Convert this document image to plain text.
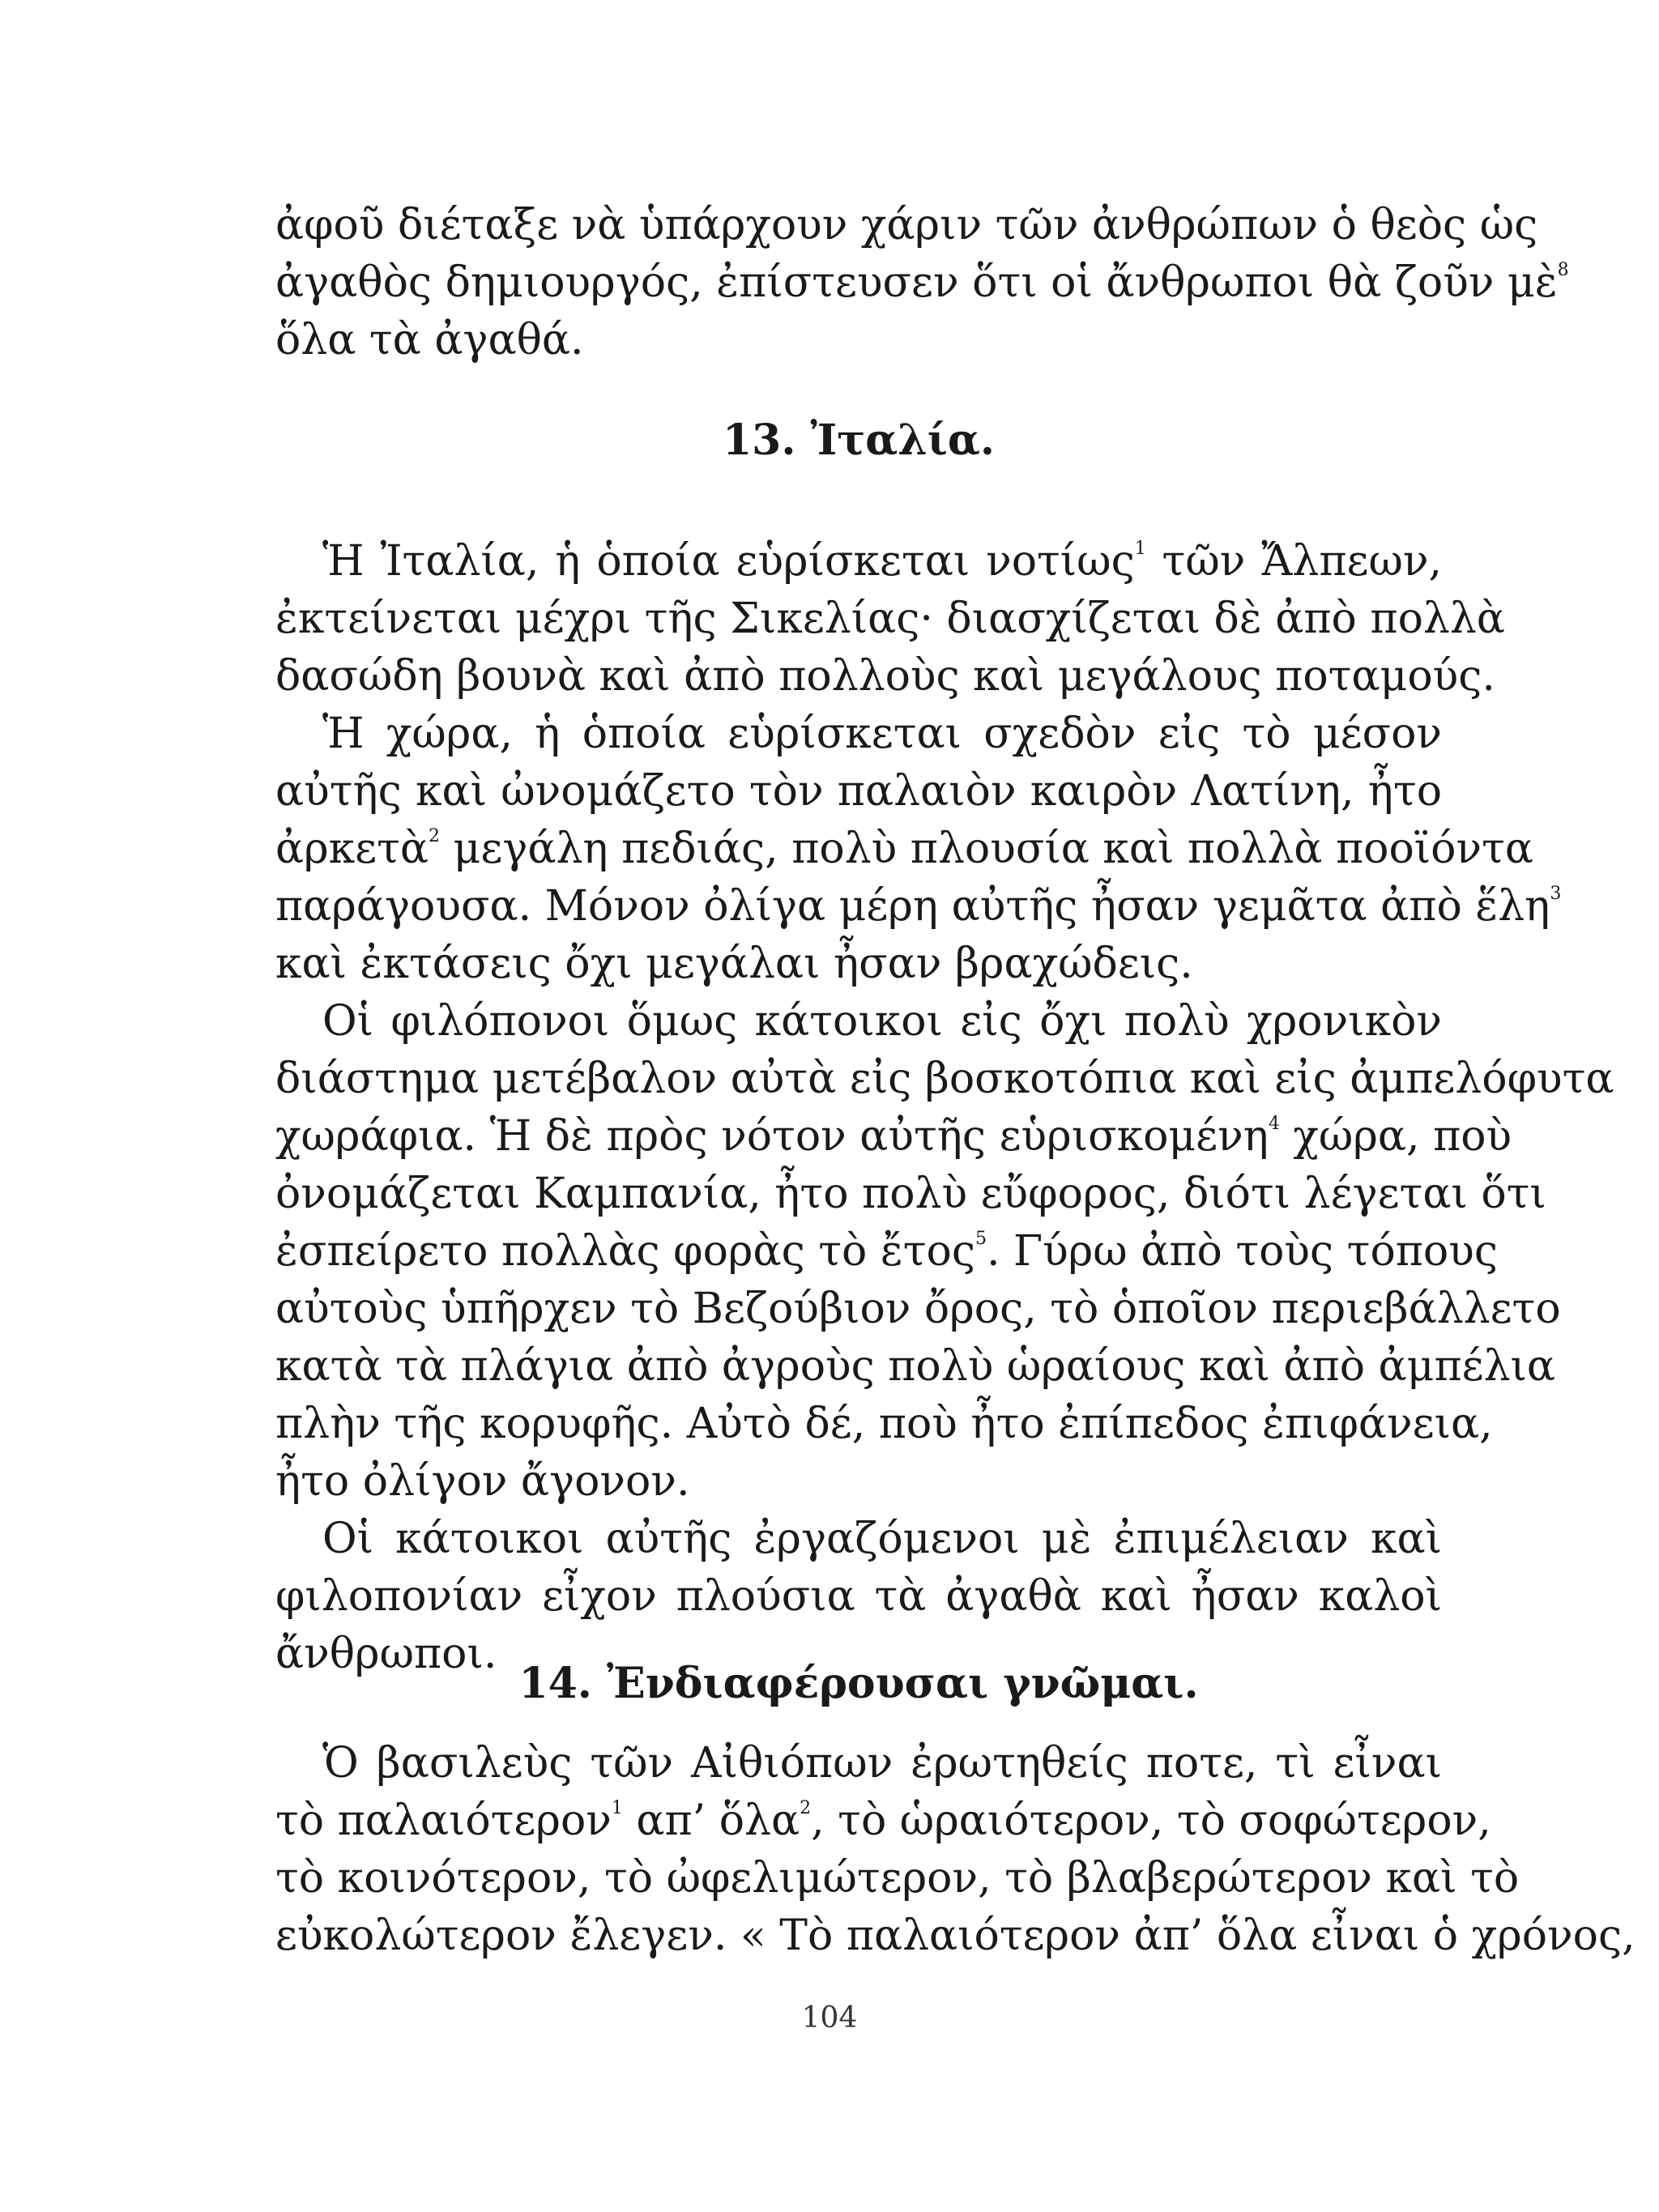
ἀφοῦ διέταξε νὰ ὑπάρχουν χάριν τῶν ἀνθρώπων ὁ θεὸς ὡς
ἀγαθὸς δημιουργός, ἐπίστευσεν ὅτι οἱ ἄνθρωποι θὰ ζοῦν μὲ$^8$
ὅλα τὰ ἀγαθά.
13. Ἰταλία.
Ἡ Ἰταλία, ἡ ὁποία εὑρίσκεται νοτίως$^1$ τῶν Ἄλπεων,
ἐκτείνεται μέχρι τῆς Σικελίας· διασχίζεται δὲ ἀπὸ πολλὰ
δασώδη βουνὰ καὶ ἀπὸ πολλοὺς καὶ μεγάλους ποταμούς.
Ἡ χώρα, ἡ ὁποία εὑρίσκεται σχεδὸν εἰς τὸ μέσον
αὐτῆς καὶ ὠνομάζετο τὸν παλαιὸν καιρὸν Λατίνη, ἦτο
ἀρκετὰ$^2$ μεγάλη πεδιάς, πολὺ πλουσία καὶ πολλὰ ποοϊόντα
παράγουσα. Μόνον ὀλίγα μέρη αὐτῆς ἦσαν γεμᾶτα ἀπὸ ἕλη$^3$
καὶ ἐκτάσεις ὄχι μεγάλαι ἦσαν βραχώδεις.
Οἱ φιλόπονοι ὅμως κάτοικοι εἰς ὄχι πολὺ χρονικὸν
διάστημα μετέβαλον αὐτὰ εἰς βοσκοτόπια καὶ εἰς ἀμπελόφυτα
χωράφια. Ἡ δὲ πρὸς νότον αὐτῆς εὑρισκομένη$^4$ χώρα, ποὺ
ὀνομάζεται Καμπανία, ἦτο πολὺ εὔφορος, διότι λέγεται ὅτι
ἐσπείρετο πολλὰς φορὰς τὸ ἔτος$^5$. Γύρω ἀπὸ τοὺς τόπους
αὐτοὺς ὑπῆρχεν τὸ Βεζούβιον ὄρος, τὸ ὁποῖον περιεβάλλετο
κατὰ τὰ πλάγια ἀπὸ ἀγροὺς πολὺ ὡραίους καὶ ἀπὸ ἀμπέλια
πλὴν τῆς κορυφῆς. Αὐτὸ δέ, ποὺ ἦτο ἐπίπεδος ἐπιφάνεια,
ἦτο ὀλίγον ἄγονον.
Οἱ κάτοικοι αὐτῆς ἐργαζόμενοι μὲ ἐπιμέλειαν καὶ
φιλοπονίαν εἶχον πλούσια τὰ ἀγαθὰ καὶ ἦσαν καλοὶ
ἄνθρωποι.
14. Ἐνδιαφέρουσαι γνῶμαι.
Ὁ βασιλεὺς τῶν Αἰθιόπων ἐρωτηθείς ποτε, τὶ εἶναι
τὸ παλαιότερον$^1$ απ’ ὅλα$^2$, τὸ ὡραιότερον, τὸ σοφώτερον,
τὸ κοινότερον, τὸ ὠφελιμώτερον, τὸ βλαβερώτερον καὶ τὸ
εὐκολώτερον ἔλεγεν. « Τὸ παλαιότερον ἀπ’ ὅλα εἶναι ὁ χρόνος,
104
